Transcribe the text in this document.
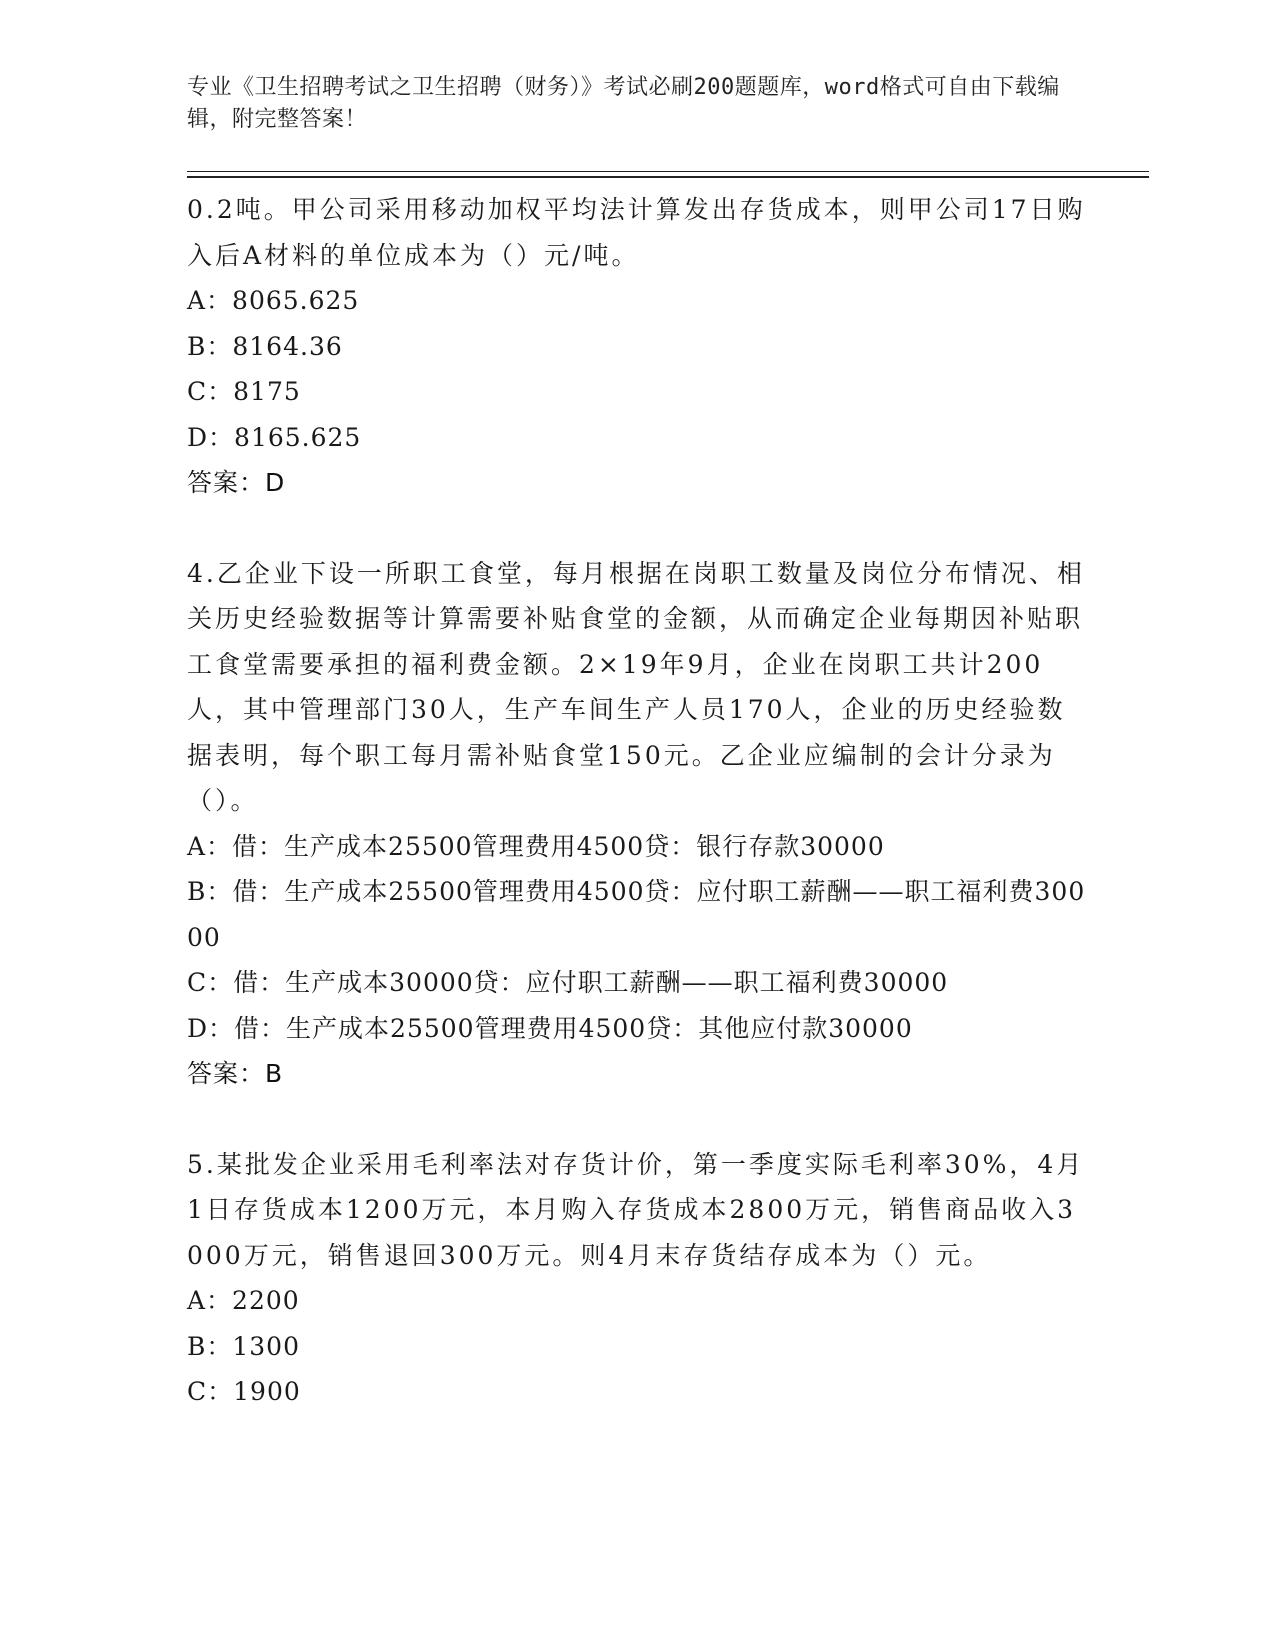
专业《卫生招聘考试之卫生招聘（财务）》考试必刷200题题库，word格式可自由下载编辑，附完整答案！

0.2吨。甲公司采用移动加权平均法计算发出存货成本，则甲公司17日购入后A材料的单位成本为（）元/吨。

A：8065.625

B：8164.36

C：8175

D：8165.625

答案：D

4.乙企业下设一所职工食堂，每月根据在岗职工数量及岗位分布情况、相关历史经验数据等计算需要补贴食堂的金额，从而确定企业每期因补贴职工食堂需要承担的福利费金额。2×19年9月，企业在岗职工共计200人，其中管理部门30人，生产车间生产人员170人，企业的历史经验数据表明，每个职工每月需补贴食堂150元。乙企业应编制的会计分录为（）。

A：借：生产成本25500管理费用4500贷：银行存款30000

B：借：生产成本25500管理费用4500贷：应付职工薪酬——职工福利费30000

C：借：生产成本30000贷：应付职工薪酬——职工福利费30000

D：借：生产成本25500管理费用4500贷：其他应付款30000

答案：B

5.某批发企业采用毛利率法对存货计价，第一季度实际毛利率30%，4月1日存货成本1200万元，本月购入存货成本2800万元，销售商品收入3000万元，销售退回300万元。则4月末存货结存成本为（）元。

A：2200

B：1300

C：1900
